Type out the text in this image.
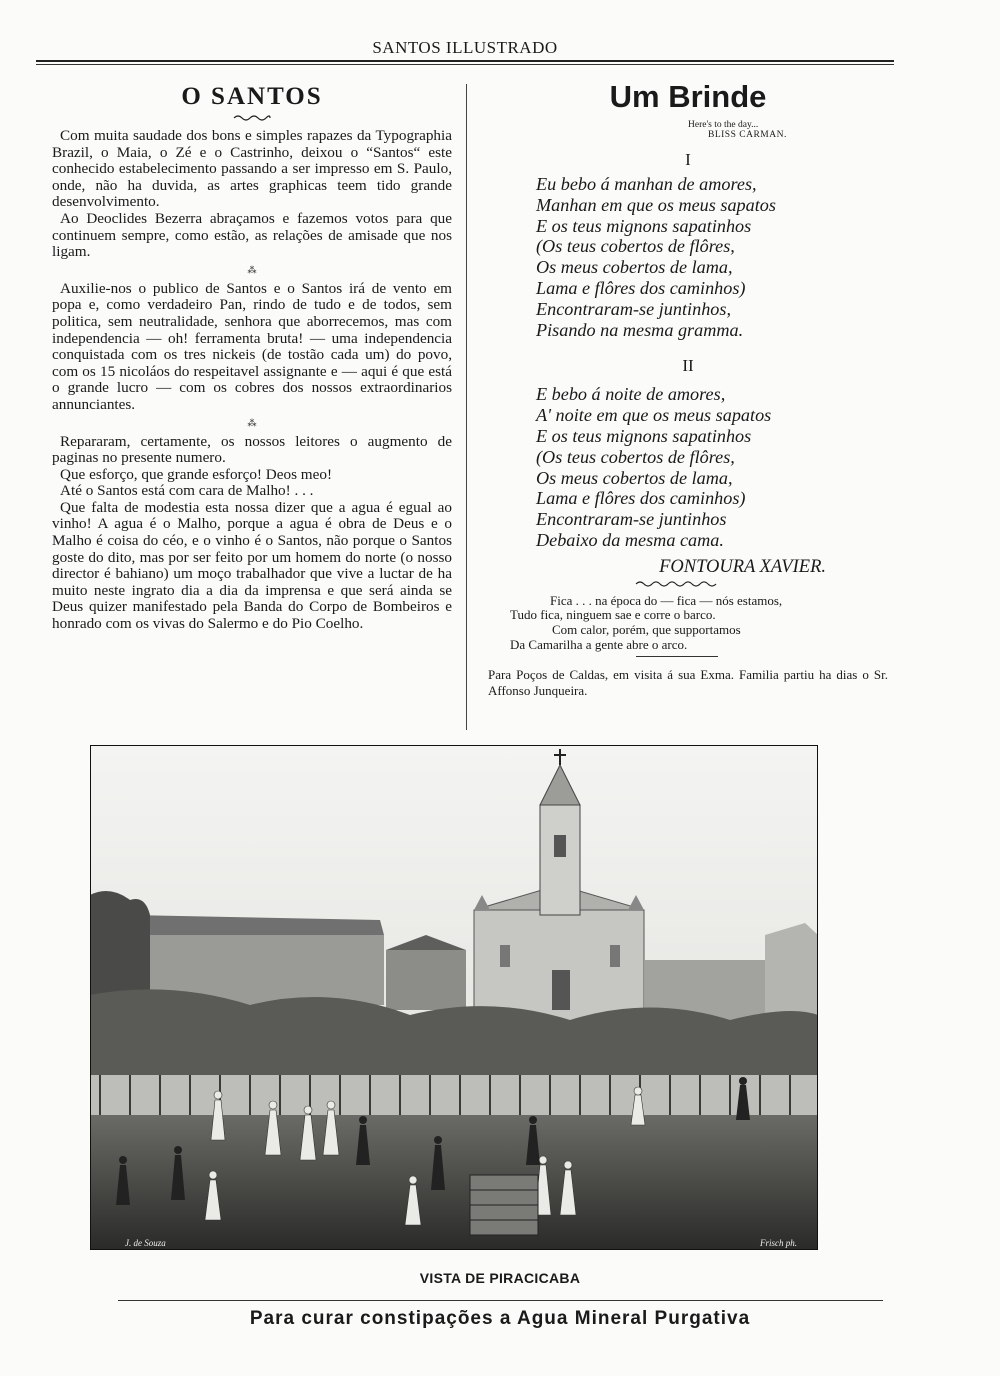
SANTOS ILLUSTRADO
O SANTOS

Com muita saudade dos bons e simples rapazes da Typographia Brazil, o Maia, o Zé e o Castrinho, deixou o “Santos“ este conhecido estabelecimento passando a ser impresso em S. Paulo, onde, não ha duvida, as artes graphicas teem tido grande desenvolvimento.

Ao Deoclides Bezerra abraçamos e fazemos votos para que continuem sempre, como estão, as relações de amisade que nos ligam.

⁂

Auxilie-nos o publico de Santos e o Santos irá de vento em popa e, como verdadeiro Pan, rindo de tudo e de todos, sem politica, sem neutralidade, senhora que aborrecemos, mas com independencia — oh! ferramenta bruta! — uma independencia conquistada com os tres nickeis (de tostão cada um) do povo, com os 15 nicoláos do respeitavel assignante e — aqui é que está o grande lucro — com os cobres dos nossos extraordinarios annunciantes.

⁂

Repararam, certamente, os nossos leitores o augmento de paginas no presente numero.

Que esforço, que grande esforço! Deos meo!

Até o Santos está com cara de Malho! . . .

Que falta de modestia esta nossa dizer que a agua é egual ao vinho! A agua é o Malho, porque a agua é obra de Deus e o Malho é coisa do céo, e o vinho é o Santos, não porque o Santos goste do dito, mas por ser feito por um homem do norte (o nosso director é bahiano) um moço trabalhador que vive a luctar de ha muito neste ingrato dia a dia da imprensa e que será ainda se Deus quizer manifestado pela Banda do Corpo de Bombeiros e honrado com os vivas do Salermo e do Pio Coelho.

Um Brinde
Here's to the day...
BLISS CARMAN.

I

Eu bebo á manhan de amores,

Manhan em que os meus sapatos

E os teus mignons sapatinhos

(Os teus cobertos de flôres,

Os meus cobertos de lama,

Lama e flôres dos caminhos)

Encontraram-se juntinhos,

Pisando na mesma gramma.

II

E bebo á noite de amores,

A' noite em que os meus sapatos

E os teus mignons sapatinhos

(Os teus cobertos de flôres,

Os meus cobertos de lama,

Lama e flôres dos caminhos)

Encontraram-se juntinhos

Debaixo da mesma cama.

FONTOURA XAVIER.

Fica . . . na época do — fica — nós estamos,

Tudo fica, ninguem sae e corre o barco.

Com calor, porém, que supportamos

Da Camarilha a gente abre o arco.

Para Poços de Caldas, em visita á sua Exma. Familia partiu ha dias o Sr. Affonso Junqueira.

J. de Souza	Frisch ph.
VISTA DE PIRACICABA
Para curar constipações a Agua Mineral Purgativa
